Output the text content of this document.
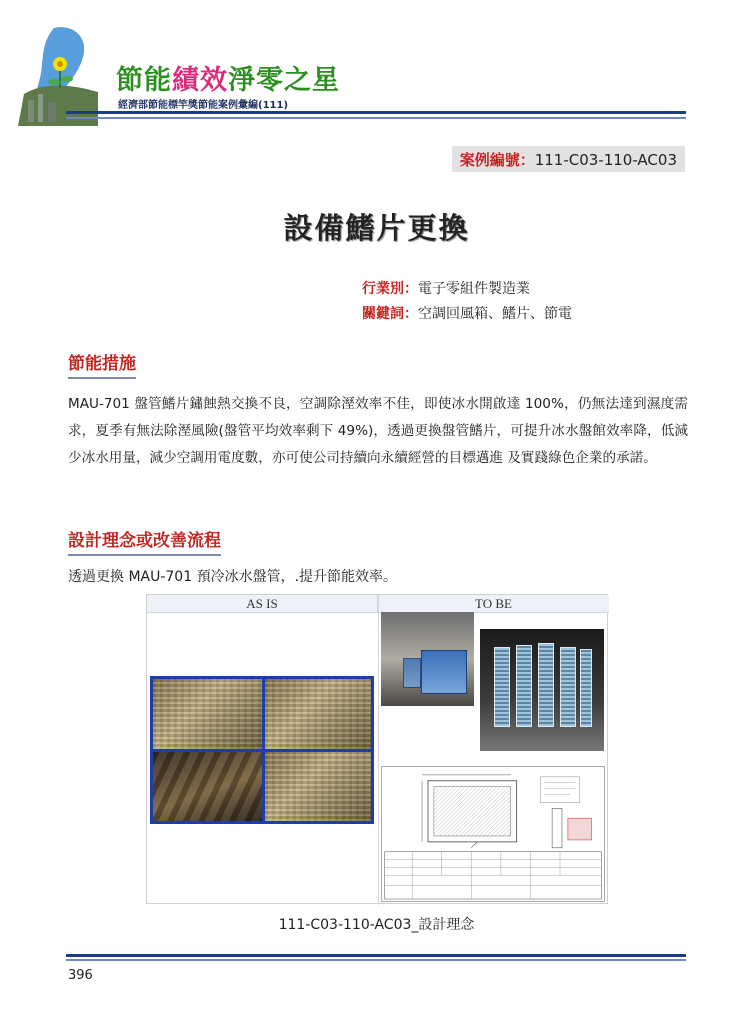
節能績效淨零之星
經濟部節能標竿獎節能案例彙編(111)
案例編號：111-C03-110-AC03
設備鰭片更換
行業別：電子零組件製造業
關鍵詞：空調回風箱、鰭片、節電
節能措施
MAU-701 盤管鰭片鏽蝕熱交換不良，空調除溼效率不佳，即使冰水開啟達 100%，仍無法達到濕度需求，夏季有無法除溼風險(盤管平均效率剩下 49%)，透過更換盤管鰭片，可提升冰水盤館效率降，低減少冰水用量，減少空調用電度數，亦可使公司持續向永續經營的目標邁進 及實踐綠色企業的承諾。
設計理念或改善流程
透過更換 MAU-701 預冷冰水盤管，.提升節能效率。
AS IS	TO BE
111-C03-110-AC03_設計理念
396
